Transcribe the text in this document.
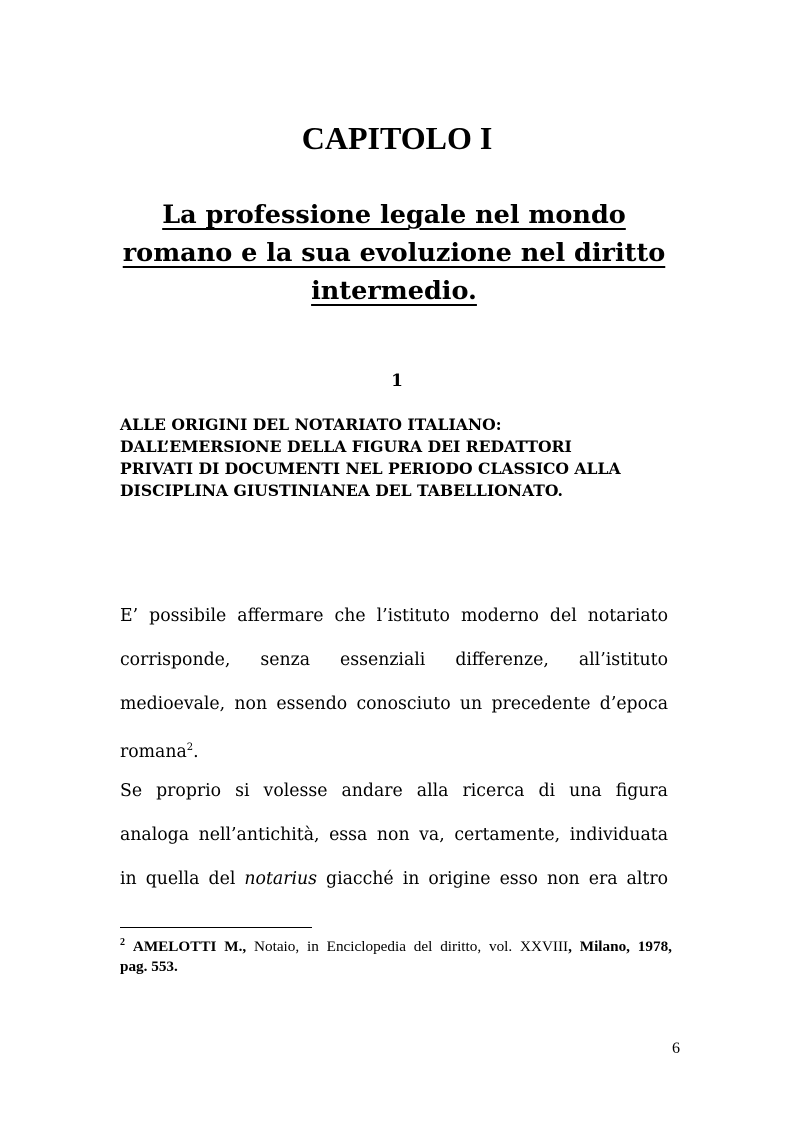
CAPITOLO I
La professione legale nel mondo romano e la sua evoluzione nel diritto intermedio.
1
ALLE ORIGINI DEL NOTARIATO ITALIANO:
DALL’EMERSIONE DELLA FIGURA DEI REDATTORI
PRIVATI DI DOCUMENTI NEL PERIODO CLASSICO ALLA
DISCIPLINA GIUSTINIANEA DEL TABELLIONATO.

E’ possibile affermare che l’istituto moderno del notariato
corrisponde, senza essenziali differenze, all’istituto
medioevale, non essendo conosciuto un precedente d’epoca
romana$^2$.

Se proprio si volesse andare alla ricerca di una figura
analoga nell’antichità, essa non va, certamente, individuata
in quella del notarius giacché in origine esso non era altro

$^2$ AMELOTTI M., Notaio, in Enciclopedia del diritto, vol. XXVIII, Milano, 1978,
pag. 553.

6
